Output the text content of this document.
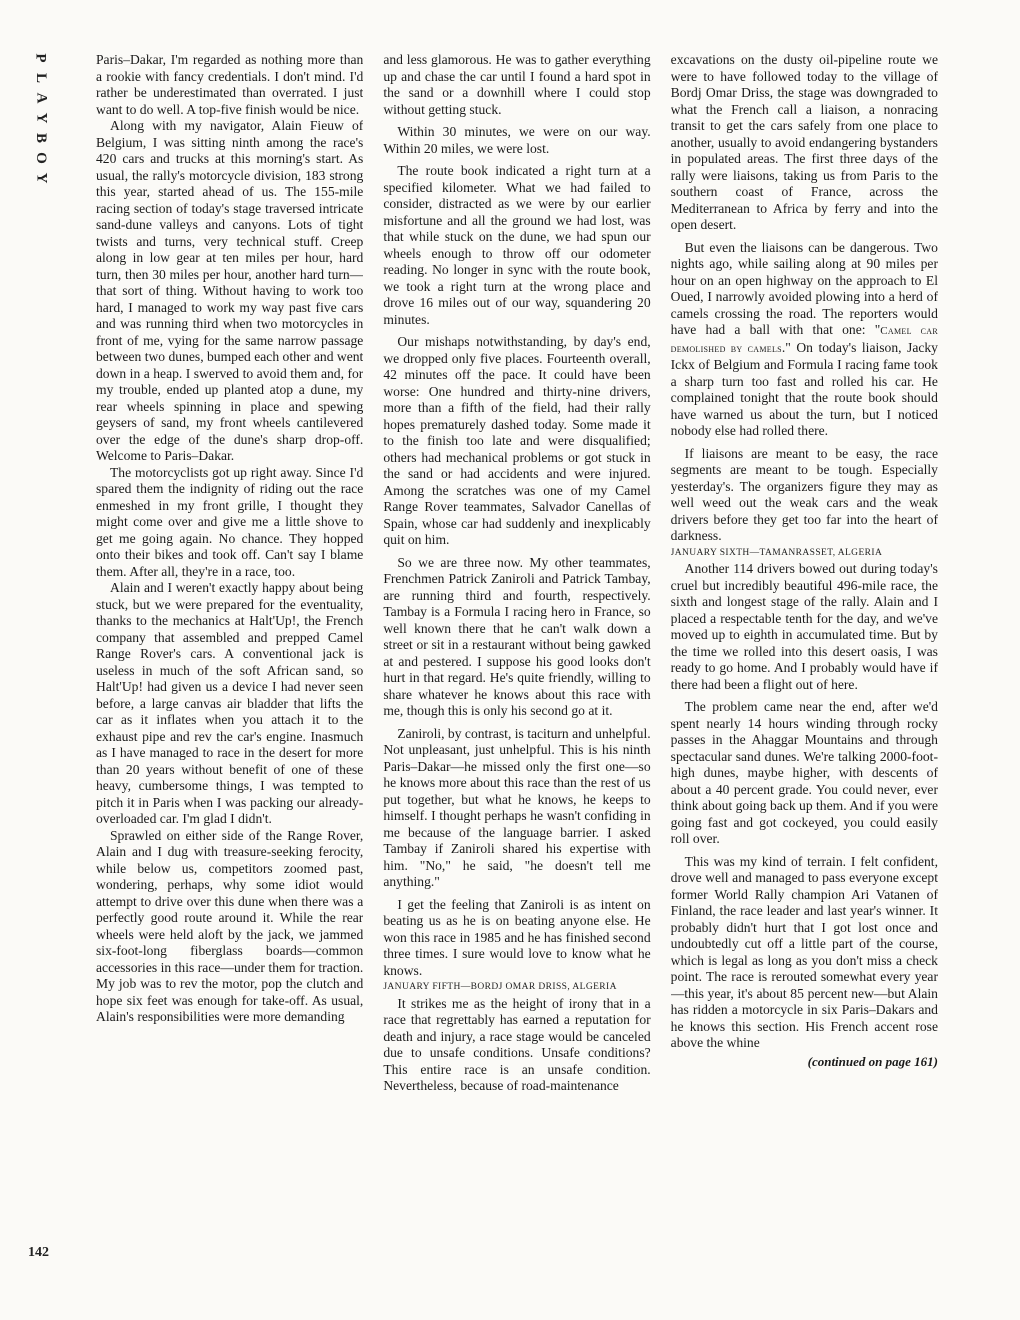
P
L
A
Y
B
O
Y
142

Paris–Dakar, I'm regarded as nothing more than a rookie with fancy credentials. I don't mind. I'd rather be underestimated than overrated. I just want to do well. A top-five finish would be nice.

Along with my navigator, Alain Fieuw of Belgium, I was sitting ninth among the race's 420 cars and trucks at this morning's start. As usual, the rally's motorcycle division, 183 strong this year, started ahead of us. The 155-mile racing section of today's stage traversed intricate sand-dune valleys and canyons. Lots of tight twists and turns, very technical stuff. Creep along in low gear at ten miles per hour, hard turn, then 30 miles per hour, another hard turn—that sort of thing. Without having to work too hard, I managed to work my way past five cars and was running third when two motorcycles in front of me, vying for the same narrow passage between two dunes, bumped each other and went down in a heap. I swerved to avoid them and, for my trouble, ended up planted atop a dune, my rear wheels spinning in place and spewing geysers of sand, my front wheels cantilevered over the edge of the dune's sharp drop-off. Welcome to Paris–Dakar.

The motorcyclists got up right away. Since I'd spared them the indignity of riding out the race enmeshed in my front grille, I thought they might come over and give me a little shove to get me going again. No chance. They hopped onto their bikes and took off. Can't say I blame them. After all, they're in a race, too.

Alain and I weren't exactly happy about being stuck, but we were prepared for the eventuality, thanks to the mechanics at Halt'Up!, the French company that assembled and prepped Camel Range Rover's cars. A conventional jack is useless in much of the soft African sand, so Halt'Up! had given us a device I had never seen before, a large canvas air bladder that lifts the car as it inflates when you attach it to the exhaust pipe and rev the car's engine. Inasmuch as I have managed to race in the desert for more than 20 years without benefit of one of these heavy, cumbersome things, I was tempted to pitch it in Paris when I was packing our already-overloaded car. I'm glad I didn't.

Sprawled on either side of the Range Rover, Alain and I dug with treasure-seeking ferocity, while below us, competitors zoomed past, wondering, perhaps, why some idiot would attempt to drive over this dune when there was a perfectly good route around it. While the rear wheels were held aloft by the jack, we jammed six-foot-long fiberglass boards—common accessories in this race—under them for traction. My job was to rev the motor, pop the clutch and hope six feet was enough for take-off. As usual, Alain's responsibilities were more demanding

and less glamorous. He was to gather everything up and chase the car until I found a hard spot in the sand or a downhill where I could stop without getting stuck.

Within 30 minutes, we were on our way. Within 20 miles, we were lost.

The route book indicated a right turn at a specified kilometer. What we had failed to consider, distracted as we were by our earlier misfortune and all the ground we had lost, was that while stuck on the dune, we had spun our wheels enough to throw off our odometer reading. No longer in sync with the route book, we took a right turn at the wrong place and drove 16 miles out of our way, squandering 20 minutes.

Our mishaps notwithstanding, by day's end, we dropped only five places. Fourteenth overall, 42 minutes off the pace. It could have been worse: One hundred and thirty-nine drivers, more than a fifth of the field, had their rally hopes prematurely dashed today. Some made it to the finish too late and were disqualified; others had mechanical problems or got stuck in the sand or had accidents and were injured. Among the scratches was one of my Camel Range Rover teammates, Salvador Canellas of Spain, whose car had suddenly and inexplicably quit on him.

So we are three now. My other teammates, Frenchmen Patrick Zaniroli and Patrick Tambay, are running third and fourth, respectively. Tambay is a Formula I racing hero in France, so well known there that he can't walk down a street or sit in a restaurant without being gawked at and pestered. I suppose his good looks don't hurt in that regard. He's quite friendly, willing to share whatever he knows about this race with me, though this is only his second go at it.

Zaniroli, by contrast, is taciturn and unhelpful. Not unpleasant, just unhelpful. This is his ninth Paris–Dakar—he missed only the first one—so he knows more about this race than the rest of us put together, but what he knows, he keeps to himself. I thought perhaps he wasn't confiding in me because of the language barrier. I asked Tambay if Zaniroli shared his expertise with him. "No," he said, "he doesn't tell me anything."

I get the feeling that Zaniroli is as intent on beating us as he is on beating anyone else. He won this race in 1985 and he has finished second three times. I sure would love to know what he knows.

JANUARY FIFTH—BORDJ OMAR DRISS, ALGERIA

It strikes me as the height of irony that in a race that regrettably has earned a reputation for death and injury, a race stage would be canceled due to unsafe conditions. Unsafe conditions? This entire race is an unsafe condition. Nevertheless, because of road-maintenance

excavations on the dusty oil-pipeline route we were to have followed today to the village of Bordj Omar Driss, the stage was downgraded to what the French call a liaison, a nonracing transit to get the cars safely from one place to another, usually to avoid endangering bystanders in populated areas. The first three days of the rally were liaisons, taking us from Paris to the southern coast of France, across the Mediterranean to Africa by ferry and into the open desert.

But even the liaisons can be dangerous. Two nights ago, while sailing along at 90 miles per hour on an open highway on the approach to El Oued, I narrowly avoided plowing into a herd of camels crossing the road. The reporters would have had a ball with that one: "Camel car demolished by camels." On today's liaison, Jacky Ickx of Belgium and Formula I racing fame took a sharp turn too fast and rolled his car. He complained tonight that the route book should have warned us about the turn, but I noticed nobody else had rolled there.

If liaisons are meant to be easy, the race segments are meant to be tough. Especially yesterday's. The organizers figure they may as well weed out the weak cars and the weak drivers before they get too far into the heart of darkness.

JANUARY SIXTH—TAMANRASSET, ALGERIA

Another 114 drivers bowed out during today's cruel but incredibly beautiful 496-mile race, the sixth and longest stage of the rally. Alain and I placed a respectable tenth for the day, and we've moved up to eighth in accumulated time. But by the time we rolled into this desert oasis, I was ready to go home. And I probably would have if there had been a flight out of here.

The problem came near the end, after we'd spent nearly 14 hours winding through rocky passes in the Ahaggar Mountains and through spectacular sand dunes. We're talking 2000-foot-high dunes, maybe higher, with descents of about a 40 percent grade. You could never, ever think about going back up them. And if you were going fast and got cockeyed, you could easily roll over.

This was my kind of terrain. I felt confident, drove well and managed to pass everyone except former World Rally champion Ari Vatanen of Finland, the race leader and last year's winner. It probably didn't hurt that I got lost once and undoubtedly cut off a little part of the course, which is legal as long as you don't miss a check point. The race is rerouted somewhat every year—this year, it's about 85 percent new—but Alain has ridden a motorcycle in six Paris–Dakars and he knows this section. His French accent rose above the whine

(continued on page 161)
